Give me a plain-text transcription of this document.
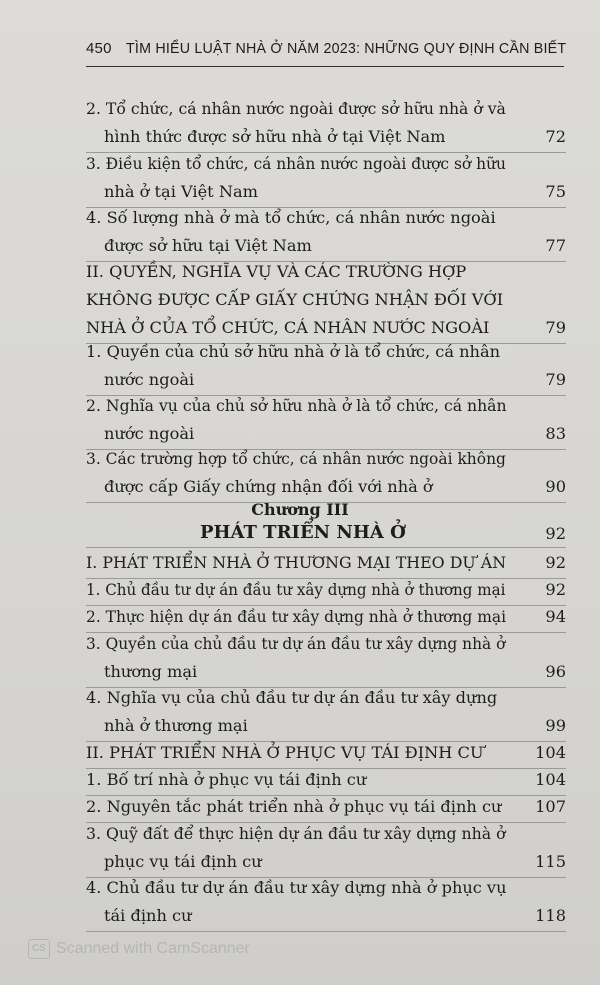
450 TÌM HIỂU LUẬT NHÀ Ở NĂM 2023: NHỮNG QUY ĐỊNH CẦN BIẾT
2. Tổ chức, cá nhân nước ngoài được sở hữu nhà ở và
hình thức được sở hữu nhà ở tại Việt Nam	72
3. Điều kiện tổ chức, cá nhân nước ngoài được sở hữu
nhà ở tại Việt Nam	75
4. Số lượng nhà ở mà tổ chức, cá nhân nước ngoài
được sở hữu tại Việt Nam	77
II. QUYỀN, NGHĨA VỤ VÀ CÁC TRƯỜNG HỢP
KHÔNG ĐƯỢC CẤP GIẤY CHỨNG NHẬN ĐỐI VỚI
NHÀ Ở CỦA TỔ CHỨC, CÁ NHÂN NƯỚC NGOÀI	79
1. Quyền của chủ sở hữu nhà ở là tổ chức, cá nhân
nước ngoài	79
2. Nghĩa vụ của chủ sở hữu nhà ở là tổ chức, cá nhân
nước ngoài	83
3. Các trường hợp tổ chức, cá nhân nước ngoài không
được cấp Giấy chứng nhận đối với nhà ở	90
Chương III
PHÁT TRIỂN NHÀ Ở	92
I. PHÁT TRIỂN NHÀ Ở THƯƠNG MẠI THEO DỰ ÁN	92
1. Chủ đầu tư dự án đầu tư xây dựng nhà ở thương mại	92
2. Thực hiện dự án đầu tư xây dựng nhà ở thương mại	94
3. Quyền của chủ đầu tư dự án đầu tư xây dựng nhà ở
thương mại	96
4. Nghĩa vụ của chủ đầu tư dự án đầu tư xây dựng
nhà ở thương mại	99
II. PHÁT TRIỂN NHÀ Ở PHỤC VỤ TÁI ĐỊNH CƯ	104
1. Bố trí nhà ở phục vụ tái định cư	104
2. Nguyên tắc phát triển nhà ở phục vụ tái định cư	107
3. Quỹ đất để thực hiện dự án đầu tư xây dựng nhà ở
phục vụ tái định cư	115
4. Chủ đầu tư dự án đầu tư xây dựng nhà ở phục vụ
tái định cư	118
CS Scanned with CamScanner
